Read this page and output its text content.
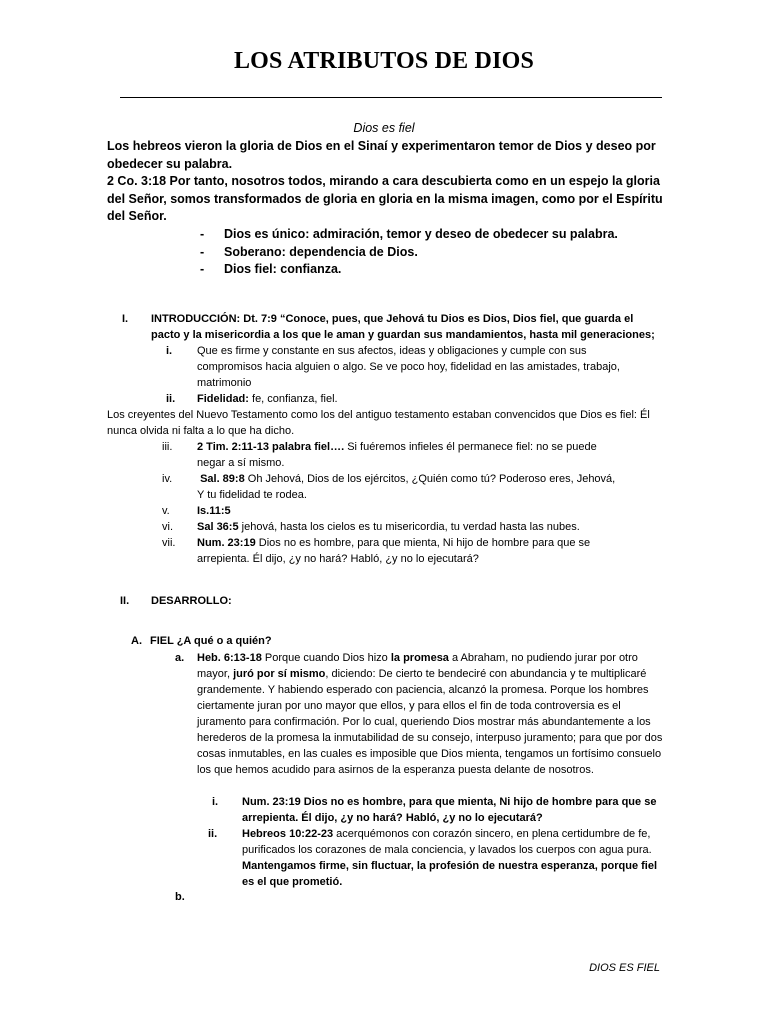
LOS ATRIBUTOS DE DIOS
Dios es fiel

Los hebreos vieron la gloria de Dios en el Sinaí y experimentaron temor de Dios y deseo por obedecer su palabra.

2 Co. 3:18 Por tanto, nosotros todos, mirando a cara descubierta como en un espejo la gloria del Señor, somos transformados de gloria en gloria en la misma imagen, como por el Espíritu del Señor.

- Dios es único: admiración, temor y deseo de obedecer su palabra.
- Soberano: dependencia de Dios.
- Dios fiel: confianza.
I. INTRODUCCIÓN: Dt. 7:9 “Conoce, pues, que Jehová tu Dios es Dios, Dios fiel, que guarda el pacto y la misericordia a los que le aman y guardan sus mandamientos, hasta mil generaciones;
i. Que es firme y constante en sus afectos, ideas y obligaciones y cumple con sus compromisos hacia alguien o algo. Se ve poco hoy, fidelidad en las amistades, trabajo, matrimonio
ii. Fidelidad: fe, confianza, fiel.
Los creyentes del Nuevo Testamento como los del antiguo testamento estaban convencidos que Dios es fiel: Él nunca olvida ni falta a lo que ha dicho.
iii. 2 Tim. 2:11-13 palabra fiel…. Si fuéremos infieles él permanece fiel: no se puede negar a sí mismo.
iv.	Sal. 89:8 Oh Jehová, Dios de los ejércitos, ¿Quién como tú? Poderoso eres, Jehová, Y tu fidelidad te rodea.
v. Is.11:5
vi. Sal 36:5 jehová, hasta los cielos es tu misericordia, tu verdad hasta las nubes.
vii. Num. 23:19 Dios no es hombre, para que mienta, Ni hijo de hombre para que se arrepienta. Él dijo, ¿y no hará? Habló, ¿y no lo ejecutará?
II. DESARROLLO:
A. FIEL ¿A qué o a quién?
a. Heb. 6:13-18 Porque cuando Dios hizo la promesa a Abraham, no pudiendo jurar por otro mayor, juró por sí mismo, diciendo: De cierto te bendeciré con abundancia y te multiplicaré grandemente. Y habiendo esperado con paciencia, alcanzó la promesa. Porque los hombres ciertamente juran por uno mayor que ellos, y para ellos el fin de toda controversia es el juramento para confirmación. Por lo cual, queriendo Dios mostrar más abundantemente a los herederos de la promesa la inmutabilidad de su consejo, interpuso juramento; para que por dos cosas inmutables, en las cuales es imposible que Dios mienta, tengamos un fortísimo consuelo los que hemos acudido para asirnos de la esperanza puesta delante de nosotros.
i. Num. 23:19 Dios no es hombre, para que mienta, Ni hijo de hombre para que se arrepienta. Él dijo, ¿y no hará? Habló, ¿y no lo ejecutará?
ii. Hebreos 10:22-23 acerquémonos con corazón sincero, en plena certidumbre de fe, purificados los corazones de mala conciencia, y lavados los cuerpos con agua pura. Mantengamos firme, sin fluctuar, la profesión de nuestra esperanza, porque fiel es el que prometió.
b.
DIOS ES FIEL
